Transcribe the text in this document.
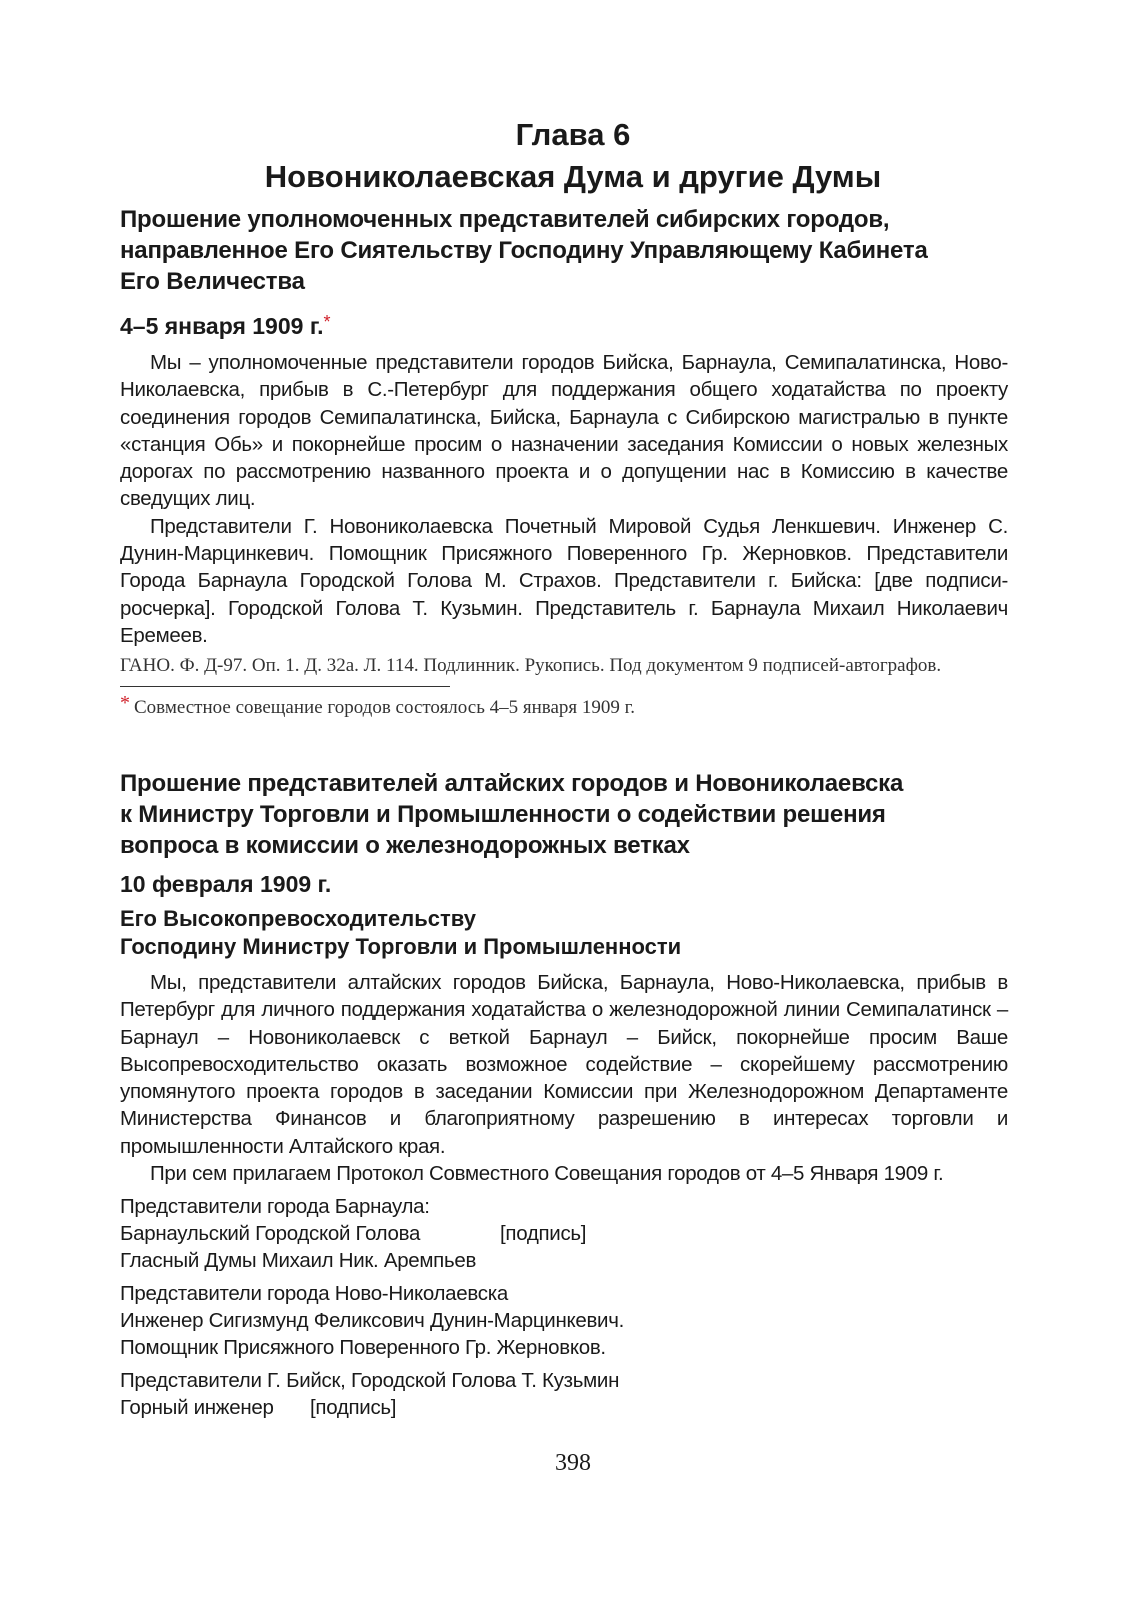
Глава 6
Новониколаевская Дума и другие Думы
Прошение уполномоченных представителей сибирских городов,
направленное Его Сиятельству Господину Управляющему Кабинета
Его Величества

4–5 января 1909 г.*

Мы – уполномоченные представители городов Бийска, Барнаула, Семипалатинска, Ново-Николаевска, прибыв в С.-Петербург для поддержания общего ходатайства по проекту соединения городов Семипалатинска, Бийска, Барнаула с Сибирскою магистралью в пункте «станция Обь» и покорнейше просим о назначении заседания Комиссии о новых железных дорогах по рассмотрению названного проекта и о допущении нас в Комиссию в качестве сведущих лиц.

Представители Г. Новониколаевска Почетный Мировой Судья Ленкшевич. Инженер С. Дунин-Марцинкевич. Помощник Присяжного Поверенного Гр. Жерновков. Представители Города Барнаула Городской Голова М. Страхов. Представители г. Бийска: [две подписи-росчерка]. Городской Голова Т. Кузьмин. Представитель г. Барнаула Михаил Николаевич Еремеев.

ГАНО. Ф. Д-97. Оп. 1. Д. 32а. Л. 114. Подлинник. Рукопись. Под документом 9 подписей-автографов.

* Совместное совещание городов состоялось 4–5 января 1909 г.

Прошение представителей алтайских городов и Новониколаевска
к Министру Торговли и Промышленности о содействии решения
вопроса в комиссии о железнодорожных ветках

10 февраля 1909 г.

Его Высокопревосходительству
Господину Министру Торговли и Промышленности

Мы, представители алтайских городов Бийска, Барнаула, Ново-Николаевска, прибыв в Петербург для личного поддержания ходатайства о железнодорожной линии Семипалатинск – Барнаул – Новониколаевск с веткой Барнаул – Бийск, покорнейше просим Ваше Высопревосходительство оказать возможное содействие – скорейшему рассмотрению упомянутого проекта городов в заседании Комиссии при Железнодорожном Департаменте Министерства Финансов и благоприятному разрешению в интересах торговли и промышленности Алтайского края.

При сем прилагаем Протокол Совместного Совещания городов от 4–5 Января 1909 г.

Представители города Барнаула:

Барнаульский Городской Голова	[подпись]

Гласный Думы Михаил Ник. Аремпьев

Представители города Ново-Николаевска

Инженер Сигизмунд Феликсович Дунин-Марцинкевич.

Помощник Присяжного Поверенного Гр. Жерновков.

Представители Г. Бийск, Городской Голова Т. Кузьмин

Горный инженер	[подпись]
398
